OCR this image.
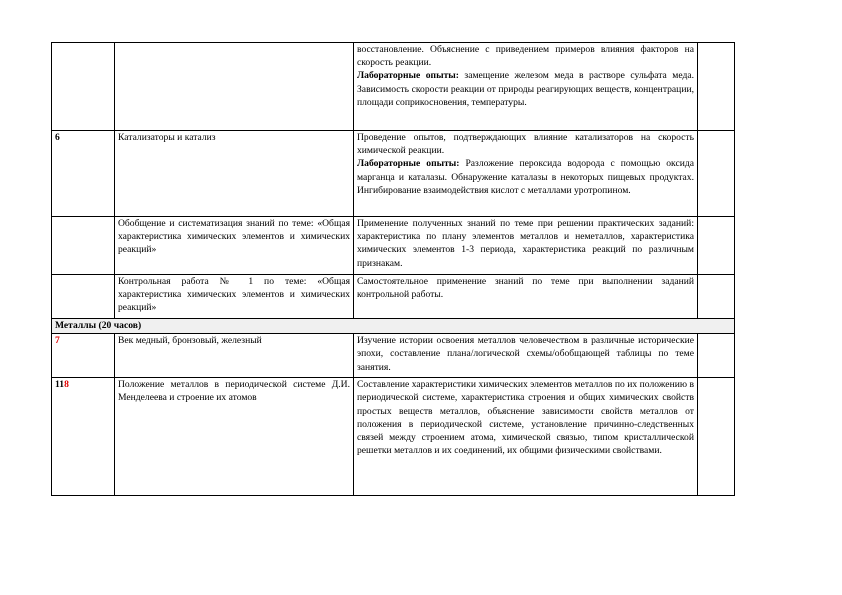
		восстановление. Объяснение с приведением примеров влияния факторов на скорость реакции.
Лабораторные опыты: замещение железом меда в растворе сульфата меда. Зависимость скорости реакции от природы реагирующих веществ, концентрации, площади соприкосновения, температуры.	

6	Катализаторы и катализ	Проведение опытов, подтверждающих влияние катализаторов на скорость химической реакции.
Лабораторные опыты: Разложение пероксида водорода с помощью оксида марганца и каталазы. Обнаружение каталазы в некоторых пищевых продуктах. Ингибирование взаимодействия кислот с металлами уротропином.	

	Обобщение и систематизация знаний по теме: «Общая характеристика химических элементов и химических реакций»	Применение полученных знаний по теме при решении практических заданий: характеристика по плану элементов металлов и неметаллов, характеристика химических элементов 1-3 периода, характеристика реакций по различным признакам.	
	Контрольная работа № 1 по теме: «Общая характеристика химических элементов и химических реакций»	Самостоятельное применение знаний по теме при выполнении заданий контрольной работы.	
Металлы (20 часов)			
7	Век медный, бронзовый, железный	Изучение истории освоения металлов человечеством в различные исторические эпохи, составление плана/логической схемы/обобщающей таблицы по теме занятия.	
118	Положение металлов в периодической системе Д.И. Менделеева и строение их атомов	Составление характеристики химических элементов металлов по их положению в периодической системе, характеристика строения и общих химических свойств простых веществ металлов, объяснение зависимости свойств металлов от положения в периодической системе, установление причинно-следственных связей между строением атома, химической связью, типом кристаллической решетки металлов и их соединений, их общими физическими свойствами.	
